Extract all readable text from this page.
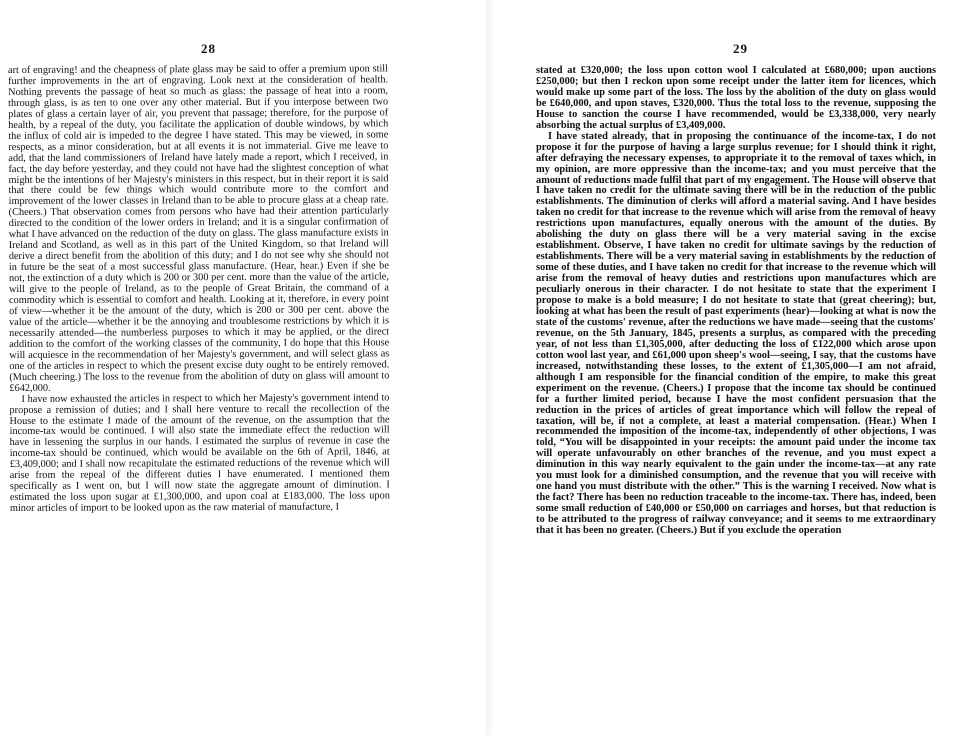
28

art of engraving! and the cheapness of plate glass may be said to offer a premium upon still further improvements in the art of engraving. Look next at the consideration of health. Nothing prevents the passage of heat so much as glass: the passage of heat into a room, through glass, is as ten to one over any other material. But if you interpose between two plates of glass a certain layer of air, you prevent that passage; therefore, for the purpose of health, by a repeal of the duty, you facilitate the application of double windows, by which the influx of cold air is impeded to the degree I have stated. This may be viewed, in some respects, as a minor consideration, but at all events it is not immaterial. Give me leave to add, that the land commissioners of Ireland have lately made a report, which I received, in fact, the day before yesterday, and they could not have had the slightest conception of what might be the intentions of her Majesty's ministers in this respect, but in their report it is said that there could be few things which would contribute more to the comfort and improvement of the lower classes in Ireland than to be able to procure glass at a cheap rate. (Cheers.) That observation comes from persons who have had their attention particularly directed to the condition of the lower orders in Ireland; and it is a singular confirmation of what I have advanced on the reduction of the duty on glass. The glass manufacture exists in Ireland and Scotland, as well as in this part of the United Kingdom, so that Ireland will derive a direct benefit from the abolition of this duty; and I do not see why she should not in future be the seat of a most successful glass manufacture. (Hear, hear.) Even if she be not, the extinction of a duty which is 200 or 300 per cent. more than the value of the article, will give to the people of Ireland, as to the people of Great Britain, the command of a commodity which is essential to comfort and health. Looking at it, therefore, in every point of view—whether it be the amount of the duty, which is 200 or 300 per cent. above the value of the article—whether it be the annoying and troublesome restrictions by which it is necessarily attended—the numberless purposes to which it may be applied, or the direct addition to the comfort of the working classes of the community, I do hope that this House will acquiesce in the recommendation of her Majesty's government, and will select glass as one of the articles in respect to which the present excise duty ought to be entirely removed. (Much cheering.) The loss to the revenue from the abolition of duty on glass will amount to £642,000.

I have now exhausted the articles in respect to which her Majesty's government intend to propose a remission of duties; and I shall here venture to recall the recollection of the House to the estimate I made of the amount of the revenue, on the assumption that the income-tax would be continued. I will also state the immediate effect the reduction will have in lessening the surplus in our hands. I estimated the surplus of revenue in case the income-tax should be continued, which would be available on the 6th of April, 1846, at £3,409,000; and I shall now recapitulate the estimated reductions of the revenue which will arise from the repeal of the different duties I have enumerated. I mentioned them specifically as I went on, but I will now state the aggregate amount of diminution. I estimated the loss upon sugar at £1,300,000, and upon coal at £183,000. The loss upon minor articles of import to be looked upon as the raw material of manufacture, I

29

stated at £320,000; the loss upon cotton wool I calculated at £680,000; upon auctions £250,000; but then I reckon upon some receipt under the latter item for licences, which would make up some part of the loss. The loss by the abolition of the duty on glass would be £640,000, and upon staves, £320,000. Thus the total loss to the revenue, supposing the House to sanction the course I have recommended, would be £3,338,000, very nearly absorbing the actual surplus of £3,409,000.

I have stated already, that in proposing the continuance of the income-tax, I do not propose it for the purpose of having a large surplus revenue; for I should think it right, after defraying the necessary expenses, to appropriate it to the removal of taxes which, in my opinion, are more oppressive than the income-tax; and you must perceive that the amount of reductions made fulfil that part of my engagement. The House will observe that I have taken no credit for the ultimate saving there will be in the reduction of the public establishments. The diminution of clerks will afford a material saving. And I have besides taken no credit for that increase to the revenue which will arise from the removal of heavy restrictions upon manufactures, equally onerous with the amount of the duties. By abolishing the duty on glass there will be a very material saving in the excise establishment. Observe, I have taken no credit for ultimate savings by the reduction of establishments. There will be a very material saving in establishments by the reduction of some of these duties, and I have taken no credit for that increase to the revenue which will arise from the removal of heavy duties and restrictions upon manufactures which are peculiarly onerous in their character. I do not hesitate to state that the experiment I propose to make is a bold measure; I do not hesitate to state that (great cheering); but, looking at what has been the result of past experiments (hear)—looking at what is now the state of the customs' revenue, after the reductions we have made—seeing that the customs' revenue, on the 5th January, 1845, presents a surplus, as compared with the preceding year, of not less than £1,305,000, after deducting the loss of £122,000 which arose upon cotton wool last year, and £61,000 upon sheep's wool—seeing, I say, that the customs have increased, notwithstanding these losses, to the extent of £1,305,000—I am not afraid, although I am responsible for the financial condition of the empire, to make this great experiment on the revenue. (Cheers.) I propose that the income tax should be continued for a further limited period, because I have the most confident persuasion that the reduction in the prices of articles of great importance which will follow the repeal of taxation, will be, if not a complete, at least a material compensation. (Hear.) When I recommended the imposition of the income-tax, independently of other objections, I was told, “You will be disappointed in your receipts: the amount paid under the income tax will operate unfavourably on other branches of the revenue, and you must expect a diminution in this way nearly equivalent to the gain under the income-tax—at any rate you must look for a diminished consumption, and the revenue that you will receive with one hand you must distribute with the other.” This is the warning I received. Now what is the fact? There has been no reduction traceable to the income-tax. There has, indeed, been some small reduction of £40,000 or £50,000 on carriages and horses, but that reduction is to be attributed to the progress of railway conveyance; and it seems to me extraordinary that it has been no greater. (Cheers.) But if you exclude the operation
